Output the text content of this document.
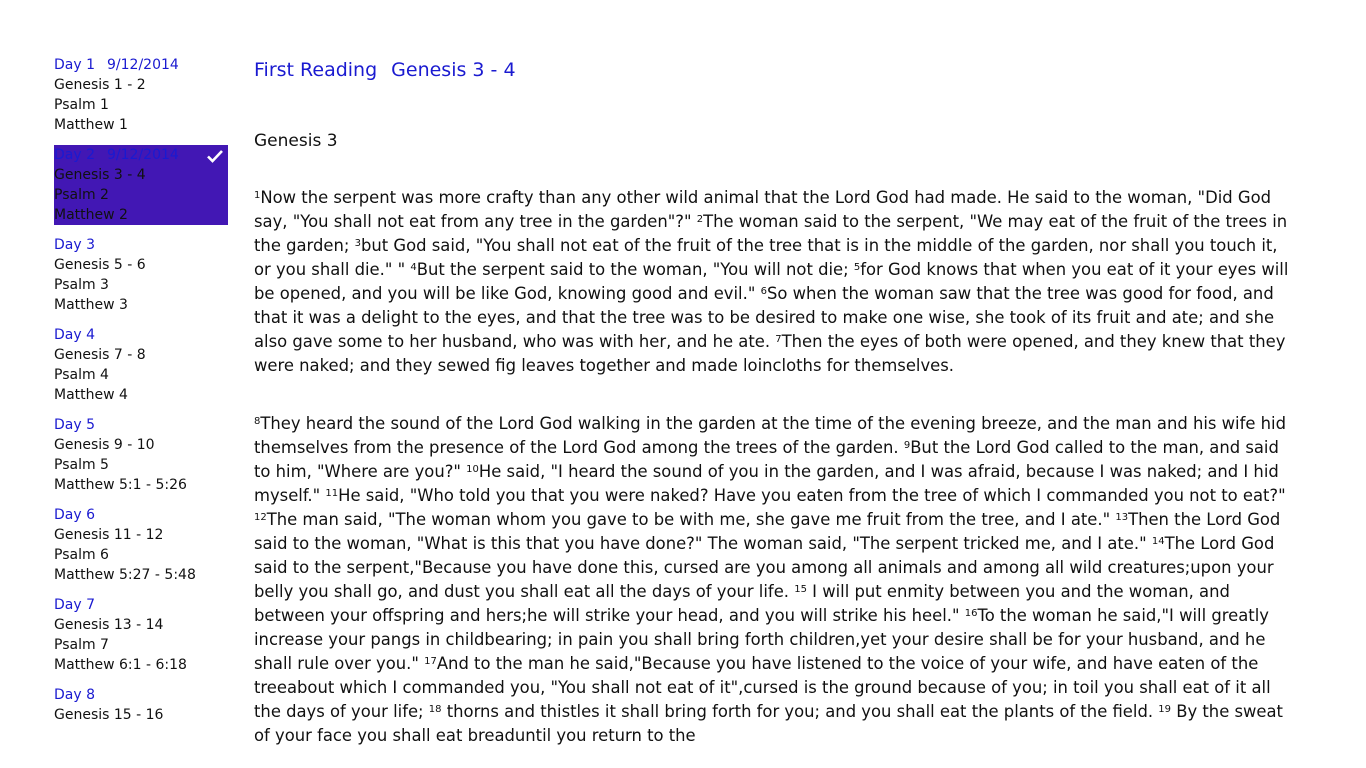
Day 1 9/12/2014
Genesis 1 - 2
Psalm 1
Matthew 1
Day 2 9/12/2014
Genesis 3 - 4
Psalm 2
Matthew 2
Day 3
Genesis 5 - 6
Psalm 3
Matthew 3
Day 4
Genesis 7 - 8
Psalm 4
Matthew 4
Day 5
Genesis 9 - 10
Psalm 5
Matthew 5:1 - 5:26
Day 6
Genesis 11 - 12
Psalm 6
Matthew 5:27 - 5:48
Day 7
Genesis 13 - 14
Psalm 7
Matthew 6:1 - 6:18
Day 8
Genesis 15 - 16
First Reading Genesis 3 - 4
Genesis 3

$^1$Now the serpent was more crafty than any other wild animal that the Lord God had made. He said to the woman, "Did God say, "You shall not eat from any tree in the garden"?" $^2$The woman said to the serpent, "We may eat of the fruit of the trees in the garden; $^3$but God said, "You shall not eat of the fruit of the tree that is in the middle of the garden, nor shall you touch it, or you shall die." " $^4$But the serpent said to the woman, "You will not die; $^5$for God knows that when you eat of it your eyes will be opened, and you will be like God, knowing good and evil." $^6$So when the woman saw that the tree was good for food, and that it was a delight to the eyes, and that the tree was to be desired to make one wise, she took of its fruit and ate; and she also gave some to her husband, who was with her, and he ate. $^7$Then the eyes of both were opened, and they knew that they were naked; and they sewed fig leaves together and made loincloths for themselves.

$^8$They heard the sound of the Lord God walking in the garden at the time of the evening breeze, and the man and his wife hid themselves from the presence of the Lord God among the trees of the garden. $^9$But the Lord God called to the man, and said to him, "Where are you?" $^{10}$He said, "I heard the sound of you in the garden, and I was afraid, because I was naked; and I hid myself." $^{11}$He said, "Who told you that you were naked? Have you eaten from the tree of which I commanded you not to eat?" $^{12}$The man said, "The woman whom you gave to be with me, she gave me fruit from the tree, and I ate." $^{13}$Then the Lord God said to the woman, "What is this that you have done?" The woman said, "The serpent tricked me, and I ate." $^{14}$The Lord God said to the serpent,"Because you have done this, cursed are you among all animals and among all wild creatures;upon your belly you shall go, and dust you shall eat all the days of your life. $^{15}$ I will put enmity between you and the woman, and between your offspring and hers;he will strike your head, and you will strike his heel." $^{16}$To the woman he said,"I will greatly increase your pangs in childbearing; in pain you shall bring forth children,yet your desire shall be for your husband, and he shall rule over you." $^{17}$And to the man he said,"Because you have listened to the voice of your wife, and have eaten of the treeabout which I commanded you, "You shall not eat of it",cursed is the ground because of you; in toil you shall eat of it all the days of your life; $^{18}$ thorns and thistles it shall bring forth for you; and you shall eat the plants of the field. $^{19}$ By the sweat of your face you shall eat breaduntil you return to the
